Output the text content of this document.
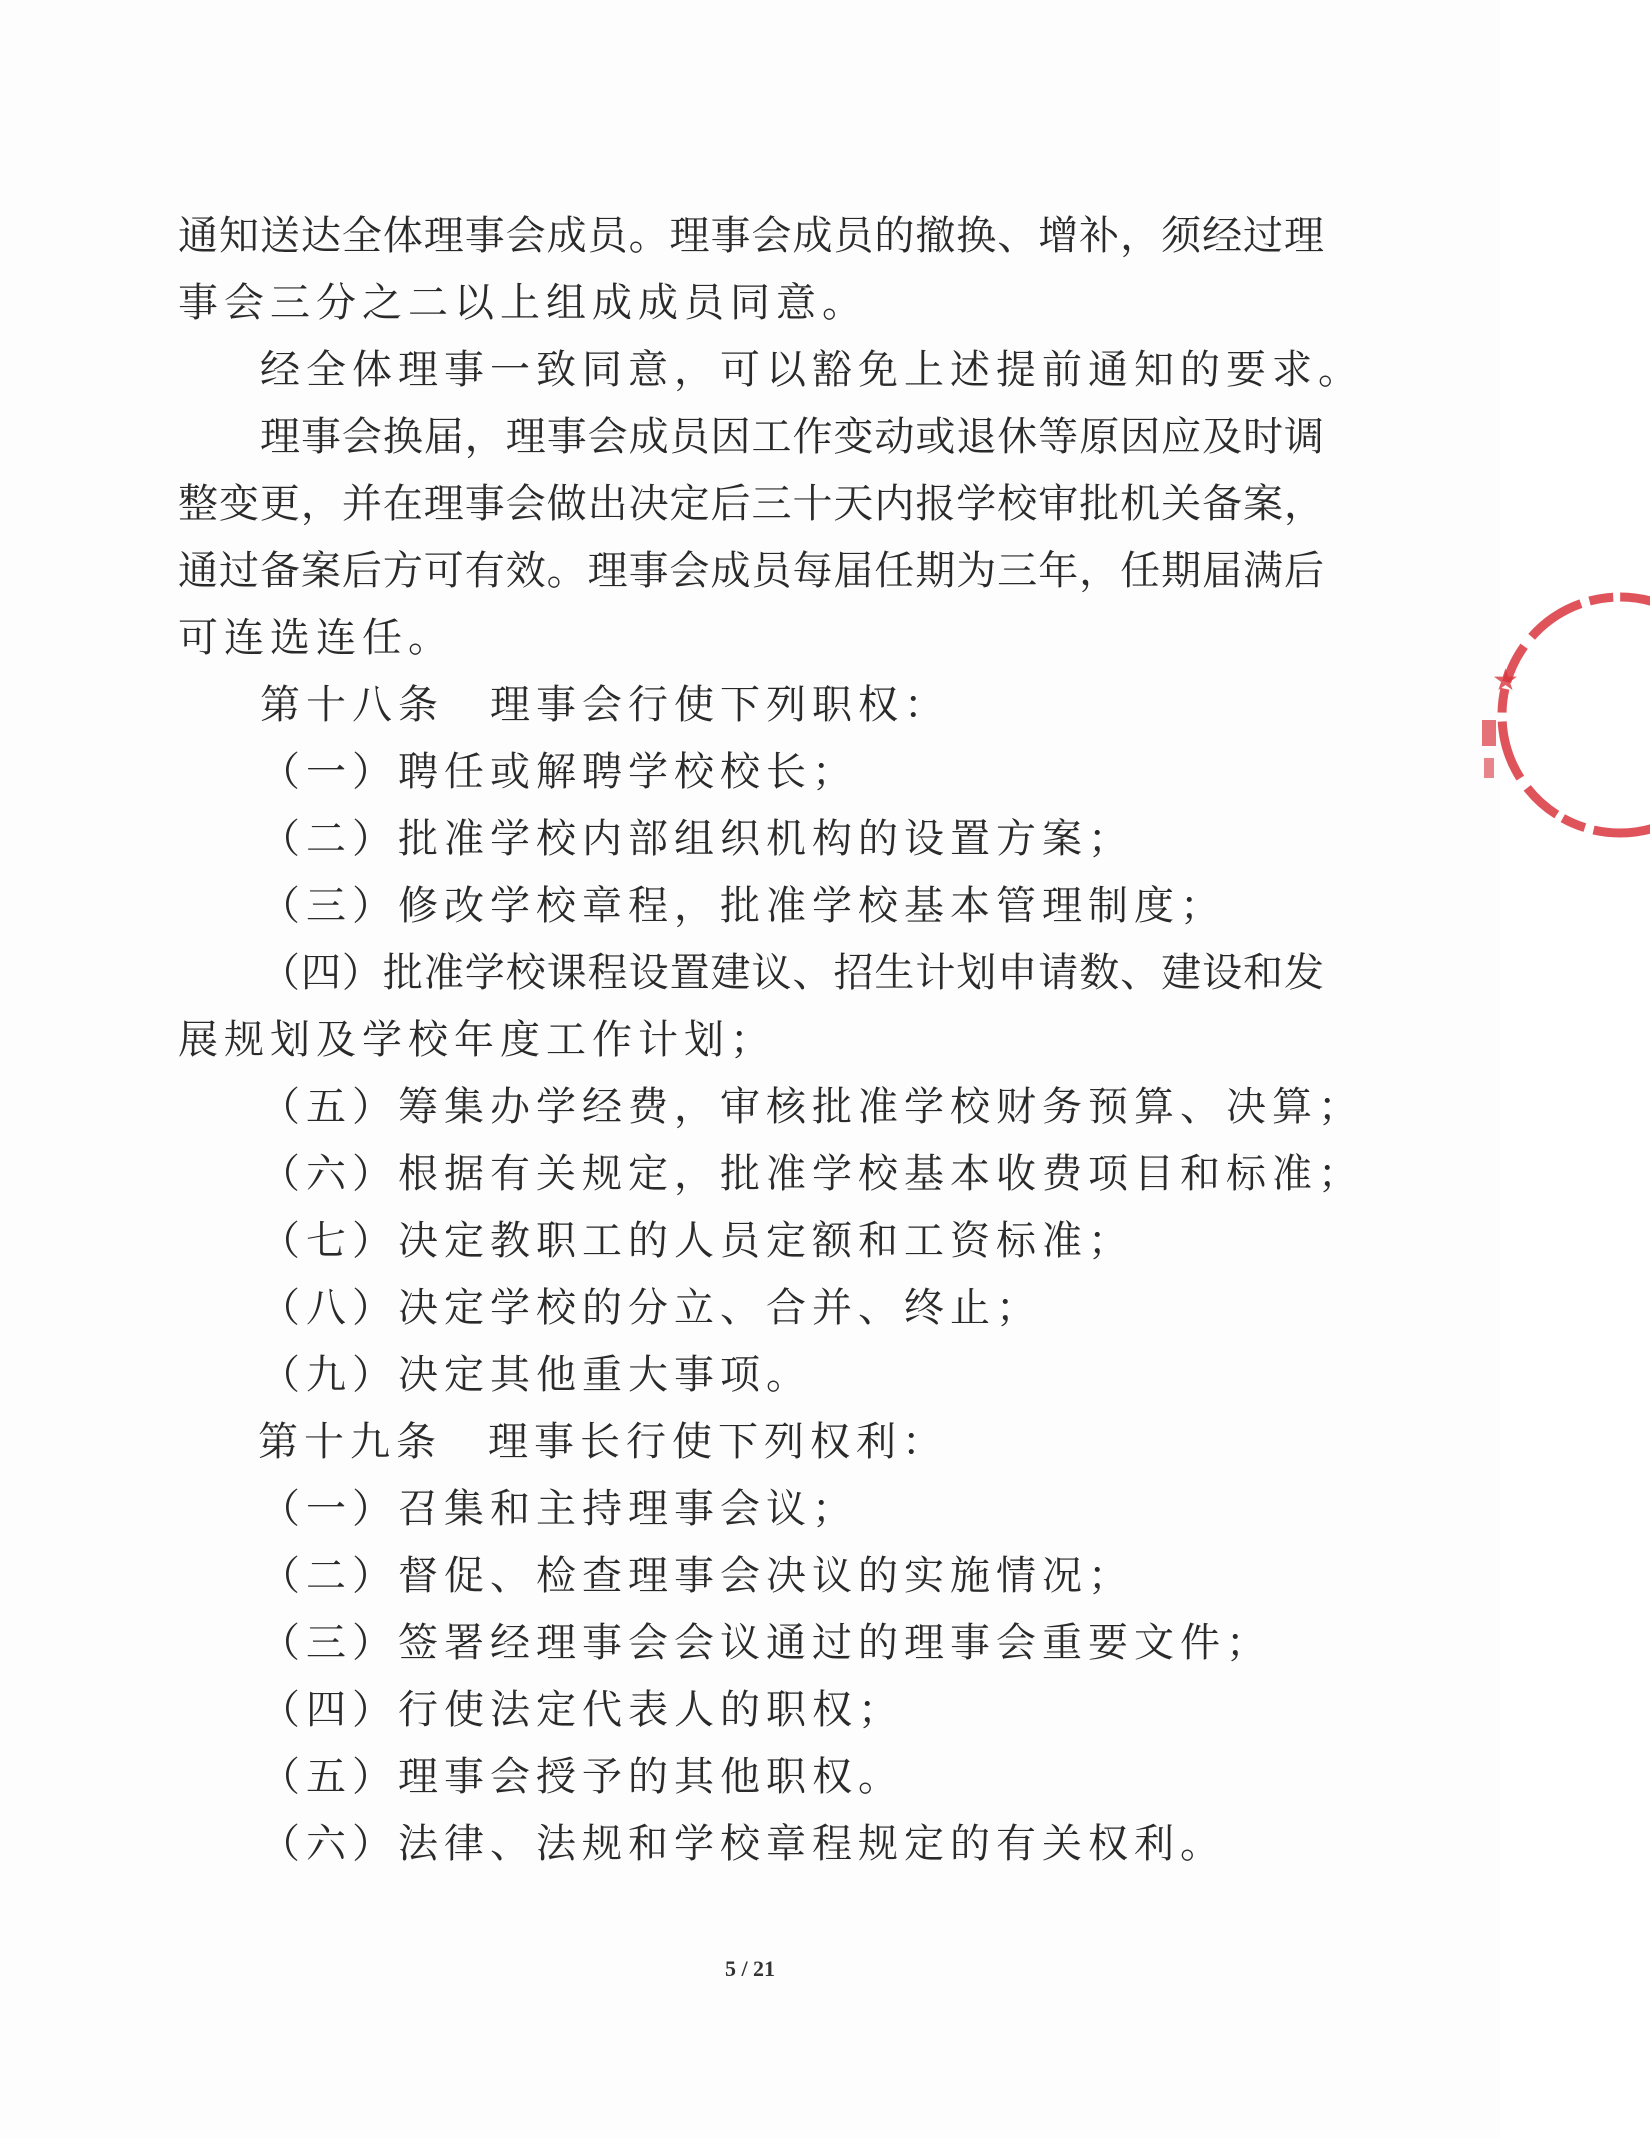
通知送达全体理事会成员。理事会成员的撤换、增补，须经过理
事会三分之二以上组成成员同意。
经全体理事一致同意，可以豁免上述提前通知的要求。
理事会换届，理事会成员因工作变动或退休等原因应及时调
整变更，并在理事会做出决定后三十天内报学校审批机关备案，
通过备案后方可有效。理事会成员每届任期为三年，任期届满后
可连选连任。
第十八条　理事会行使下列职权：
（一）聘任或解聘学校校长；
（二）批准学校内部组织机构的设置方案；
（三）修改学校章程，批准学校基本管理制度；
（四）批准学校课程设置建议、招生计划申请数、建设和发
展规划及学校年度工作计划；
（五）筹集办学经费，审核批准学校财务预算、决算；
（六）根据有关规定，批准学校基本收费项目和标准；
（七）决定教职工的人员定额和工资标准；
（八）决定学校的分立、合并、终止；
（九）决定其他重大事项。
第十九条　理事长行使下列权利：
（一）召集和主持理事会议；
（二）督促、检查理事会决议的实施情况；
（三）签署经理事会会议通过的理事会重要文件；
（四）行使法定代表人的职权；
（五）理事会授予的其他职权。
（六）法律、法规和学校章程规定的有关权利。
5 / 21
★
